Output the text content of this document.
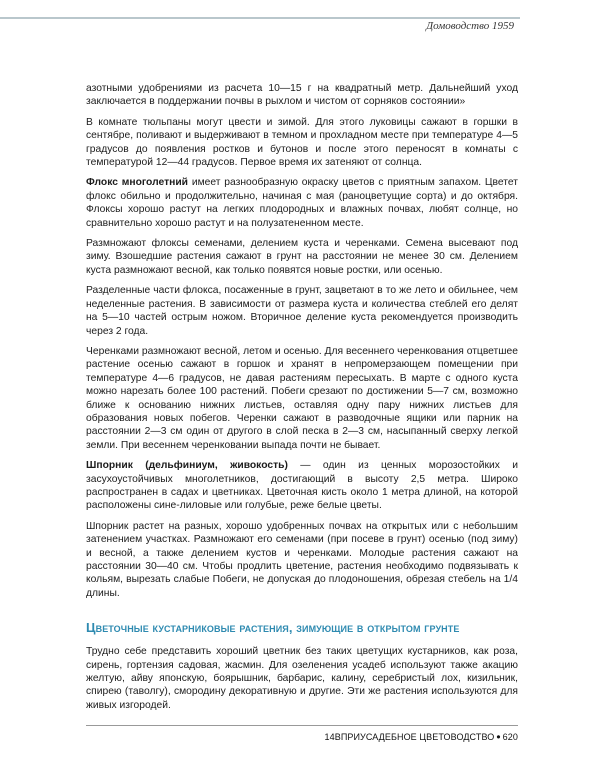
Домоводство 1959

азотными удобрениями из расчета 10—15 г на квадратный метр. Дальнейший уход заключается в поддержании почвы в рыхлом и чистом от сорняков состоянии»

В комнате тюльпаны могут цвести и зимой. Для этого луковицы сажают в горшки в сентябре, поливают и выдерживают в темном и прохладном месте при температуре 4—5 градусов до появления ростков и бутонов и после этого переносят в комнаты с температурой 12—44 градусов. Первое время их затеняют от солнца.

Флокс многолетний имеет разнообразную окраску цветов с приятным запахом. Цветет флокс обильно и продолжительно, начиная с мая (раноцветущие сорта) и до октября. Флоксы хорошо растут на легких плодородных и влажных почвах, любят солнце, но сравнительно хорошо растут и на полузатененном месте.

Размножают флоксы семенами, делением куста и черенками. Семена высевают под зиму. Взошедшие растения сажают в грунт на расстоянии не менее 30 см. Делением куста размножают весной, как только появятся новые ростки, или осенью.

Разделенные части флокса, посаженные в грунт, зацветают в то же лето и обильнее, чем неделенные растения. В зависимости от размера куста и количества стеблей его делят на 5—10 частей острым ножом. Вторичное деление куста рекомендуется производить через 2 года.

Черенками размножают весной, летом и осенью. Для весеннего черенкования отцветшее растение осенью сажают в горшок и хранят в непромерзающем помещении при температуре 4—6 градусов, не давая растениям пересыхать. В марте с одного куста можно нарезать более 100 растений. Побеги срезают по достижении 5—7 см, возможно ближе к основанию нижних листьев, оставляя одну пару нижних листьев для образования новых побегов. Черенки сажают в разводочные ящики или парник на расстоянии 2—3 см один от другого в слой песка в 2—3 см, насыпанный сверху легкой земли. При весеннем черенковании выпада почти не бывает.

Шпорник (дельфиниум, живокость) — один из ценных морозостойких и засухоустойчивых многолетников, достигающий в высоту 2,5 метра. Широко распространен в садах и цветниках. Цветочная кисть около 1 метра длиной, на которой расположены сине-лиловые или голубые, реже белые цветы.

Шпорник растет на разных, хорошо удобренных почвах на открытых или с небольшим затенением участках. Размножают его семенами (при посеве в грунт) осенью (под зиму) и весной, а также делением кустов и черенками. Молодые растения сажают на расстоянии 30—40 см. Чтобы продлить цветение, растения необходимо подвязывать к кольям, вырезать слабые Побеги, не допуская до плодоношения, обрезая стебель на 1/4 длины.

Цветочные кустарниковые растения, зимующие в открытом грунте

Трудно себе представить хороший цветник без таких цветущих кустарников, как роза, сирень, гортензия садовая, жасмин. Для озеленения усадеб используют также акацию желтую, айву японскую, боярышник, барбарис, калину, серебристый лох, кизильник, спирею (таволгу), смородину декоративную и другие. Эти же растения используются для живых изгородей.

14ВПРИУСАДЕБНОЕ ЦВЕТОВОДСТВО • 620
